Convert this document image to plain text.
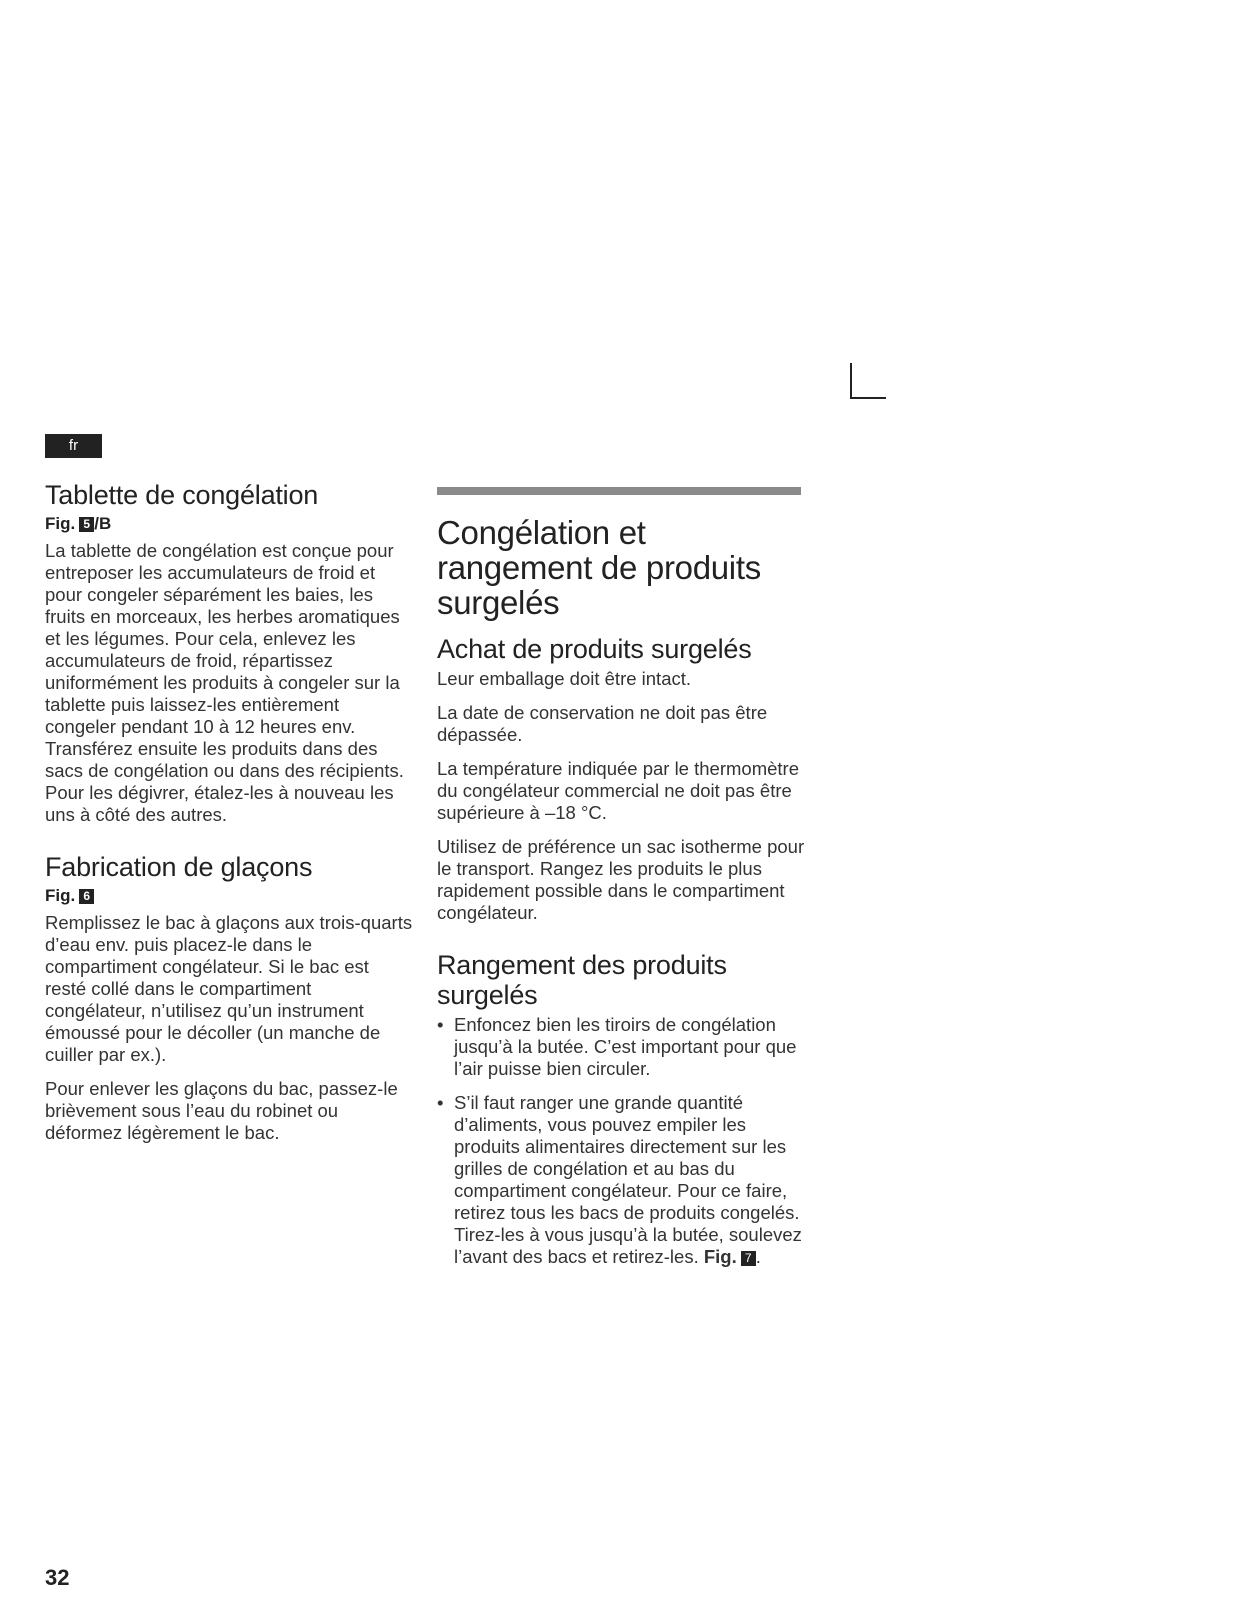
fr
Tablette de congélation
Fig. 5 /B

La tablette de congélation est conçue pour entreposer les accumulateurs de froid et pour congeler séparément les baies, les fruits en morceaux, les herbes aromatiques et les légumes. Pour cela, enlevez les accumulateurs de froid, répartissez uniformément les produits à congeler sur la tablette puis laissez-les entièrement congeler pendant 10 à 12 heures env. Transférez ensuite les produits dans des sacs de congélation ou dans des récipients. Pour les dégivrer, étalez-les à nouveau les uns à côté des autres.

Fabrication de glaçons
Fig. 6

Remplissez le bac à glaçons aux trois-quarts d’eau env. puis placez-le dans le compartiment congélateur. Si le bac est resté collé dans le compartiment congélateur, n’utilisez qu’un instrument émoussé pour le décoller (un manche de cuiller par ex.).

Pour enlever les glaçons du bac, passez-le brièvement sous l’eau du robinet ou déformez légèrement le bac.

Congélation et rangement de produits surgelés
Achat de produits surgelés

Leur emballage doit être intact.

La date de conservation ne doit pas être dépassée.

La température indiquée par le thermomètre du congélateur commercial ne doit pas être supérieure à –18 °C.

Utilisez de préférence un sac isotherme pour le transport. Rangez les produits le plus rapidement possible dans le compartiment congélateur.

Rangement des produits surgelés
• Enfoncez bien les tiroirs de congélation jusqu’à la butée. C’est important pour que l’air puisse bien circuler.
• S’il faut ranger une grande quantité d’aliments, vous pouvez empiler les produits alimentaires directement sur les grilles de congélation et au bas du compartiment congélateur. Pour ce faire, retirez tous les bacs de produits congelés. Tirez-les à vous jusqu’à la butée, soulevez l’avant des bacs et retirez-les. Fig. 7 .
32
